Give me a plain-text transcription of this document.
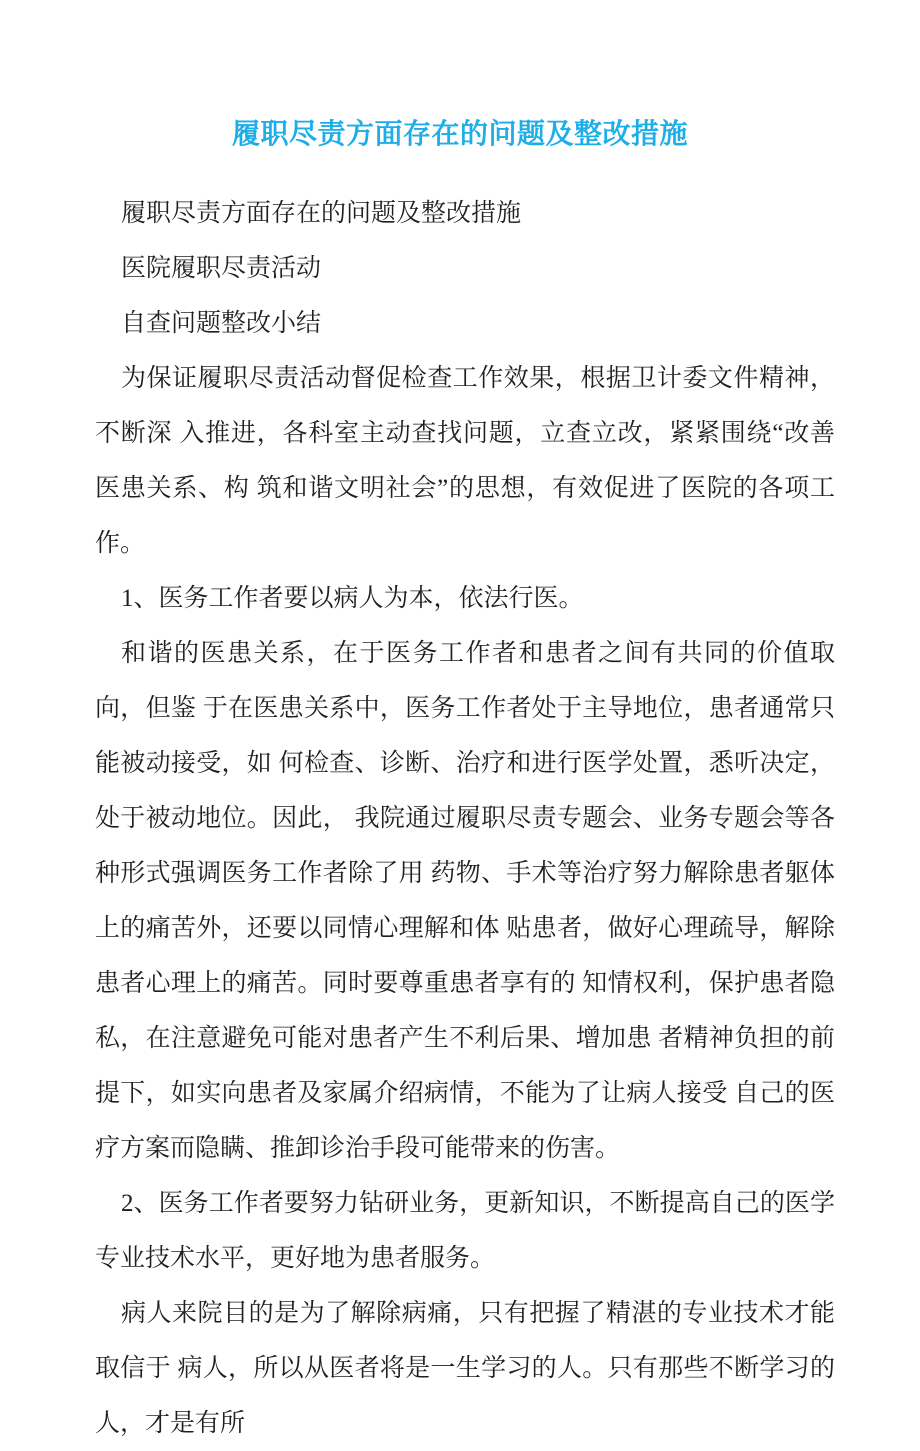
履职尽责方面存在的问题及整改措施

履职尽责方面存在的问题及整改措施

医院履职尽责活动

自查问题整改小结

为保证履职尽责活动督促检查工作效果，根据卫计委文件精神，不断深 入推进，各科室主动查找问题，立查立改，紧紧围绕“改善医患关系、构 筑和谐文明社会”的思想，有效促进了医院的各项工作。

1、医务工作者要以病人为本，依法行医。

和谐的医患关系，在于医务工作者和患者之间有共同的价值取向，但鉴 于在医患关系中，医务工作者处于主导地位，患者通常只能被动接受，如 何检查、诊断、治疗和进行医学处置，悉听决定，处于被动地位。因此， 我院通过履职尽责专题会、业务专题会等各种形式强调医务工作者除了用 药物、手术等治疗努力解除患者躯体上的痛苦外，还要以同情心理解和体 贴患者，做好心理疏导，解除患者心理上的痛苦。同时要尊重患者享有的 知情权利，保护患者隐私，在注意避免可能对患者产生不利后果、增加患 者精神负担的前提下，如实向患者及家属介绍病情，不能为了让病人接受 自己的医疗方案而隐瞒、推卸诊治手段可能带来的伤害。

2、医务工作者要努力钻研业务，更新知识，不断提高自己的医学专业技术水平，更好地为患者服务。

病人来院目的是为了解除病痛，只有把握了精湛的专业技术才能取信于 病人，所以从医者将是一生学习的人。只有那些不断学习的人，才是有所
